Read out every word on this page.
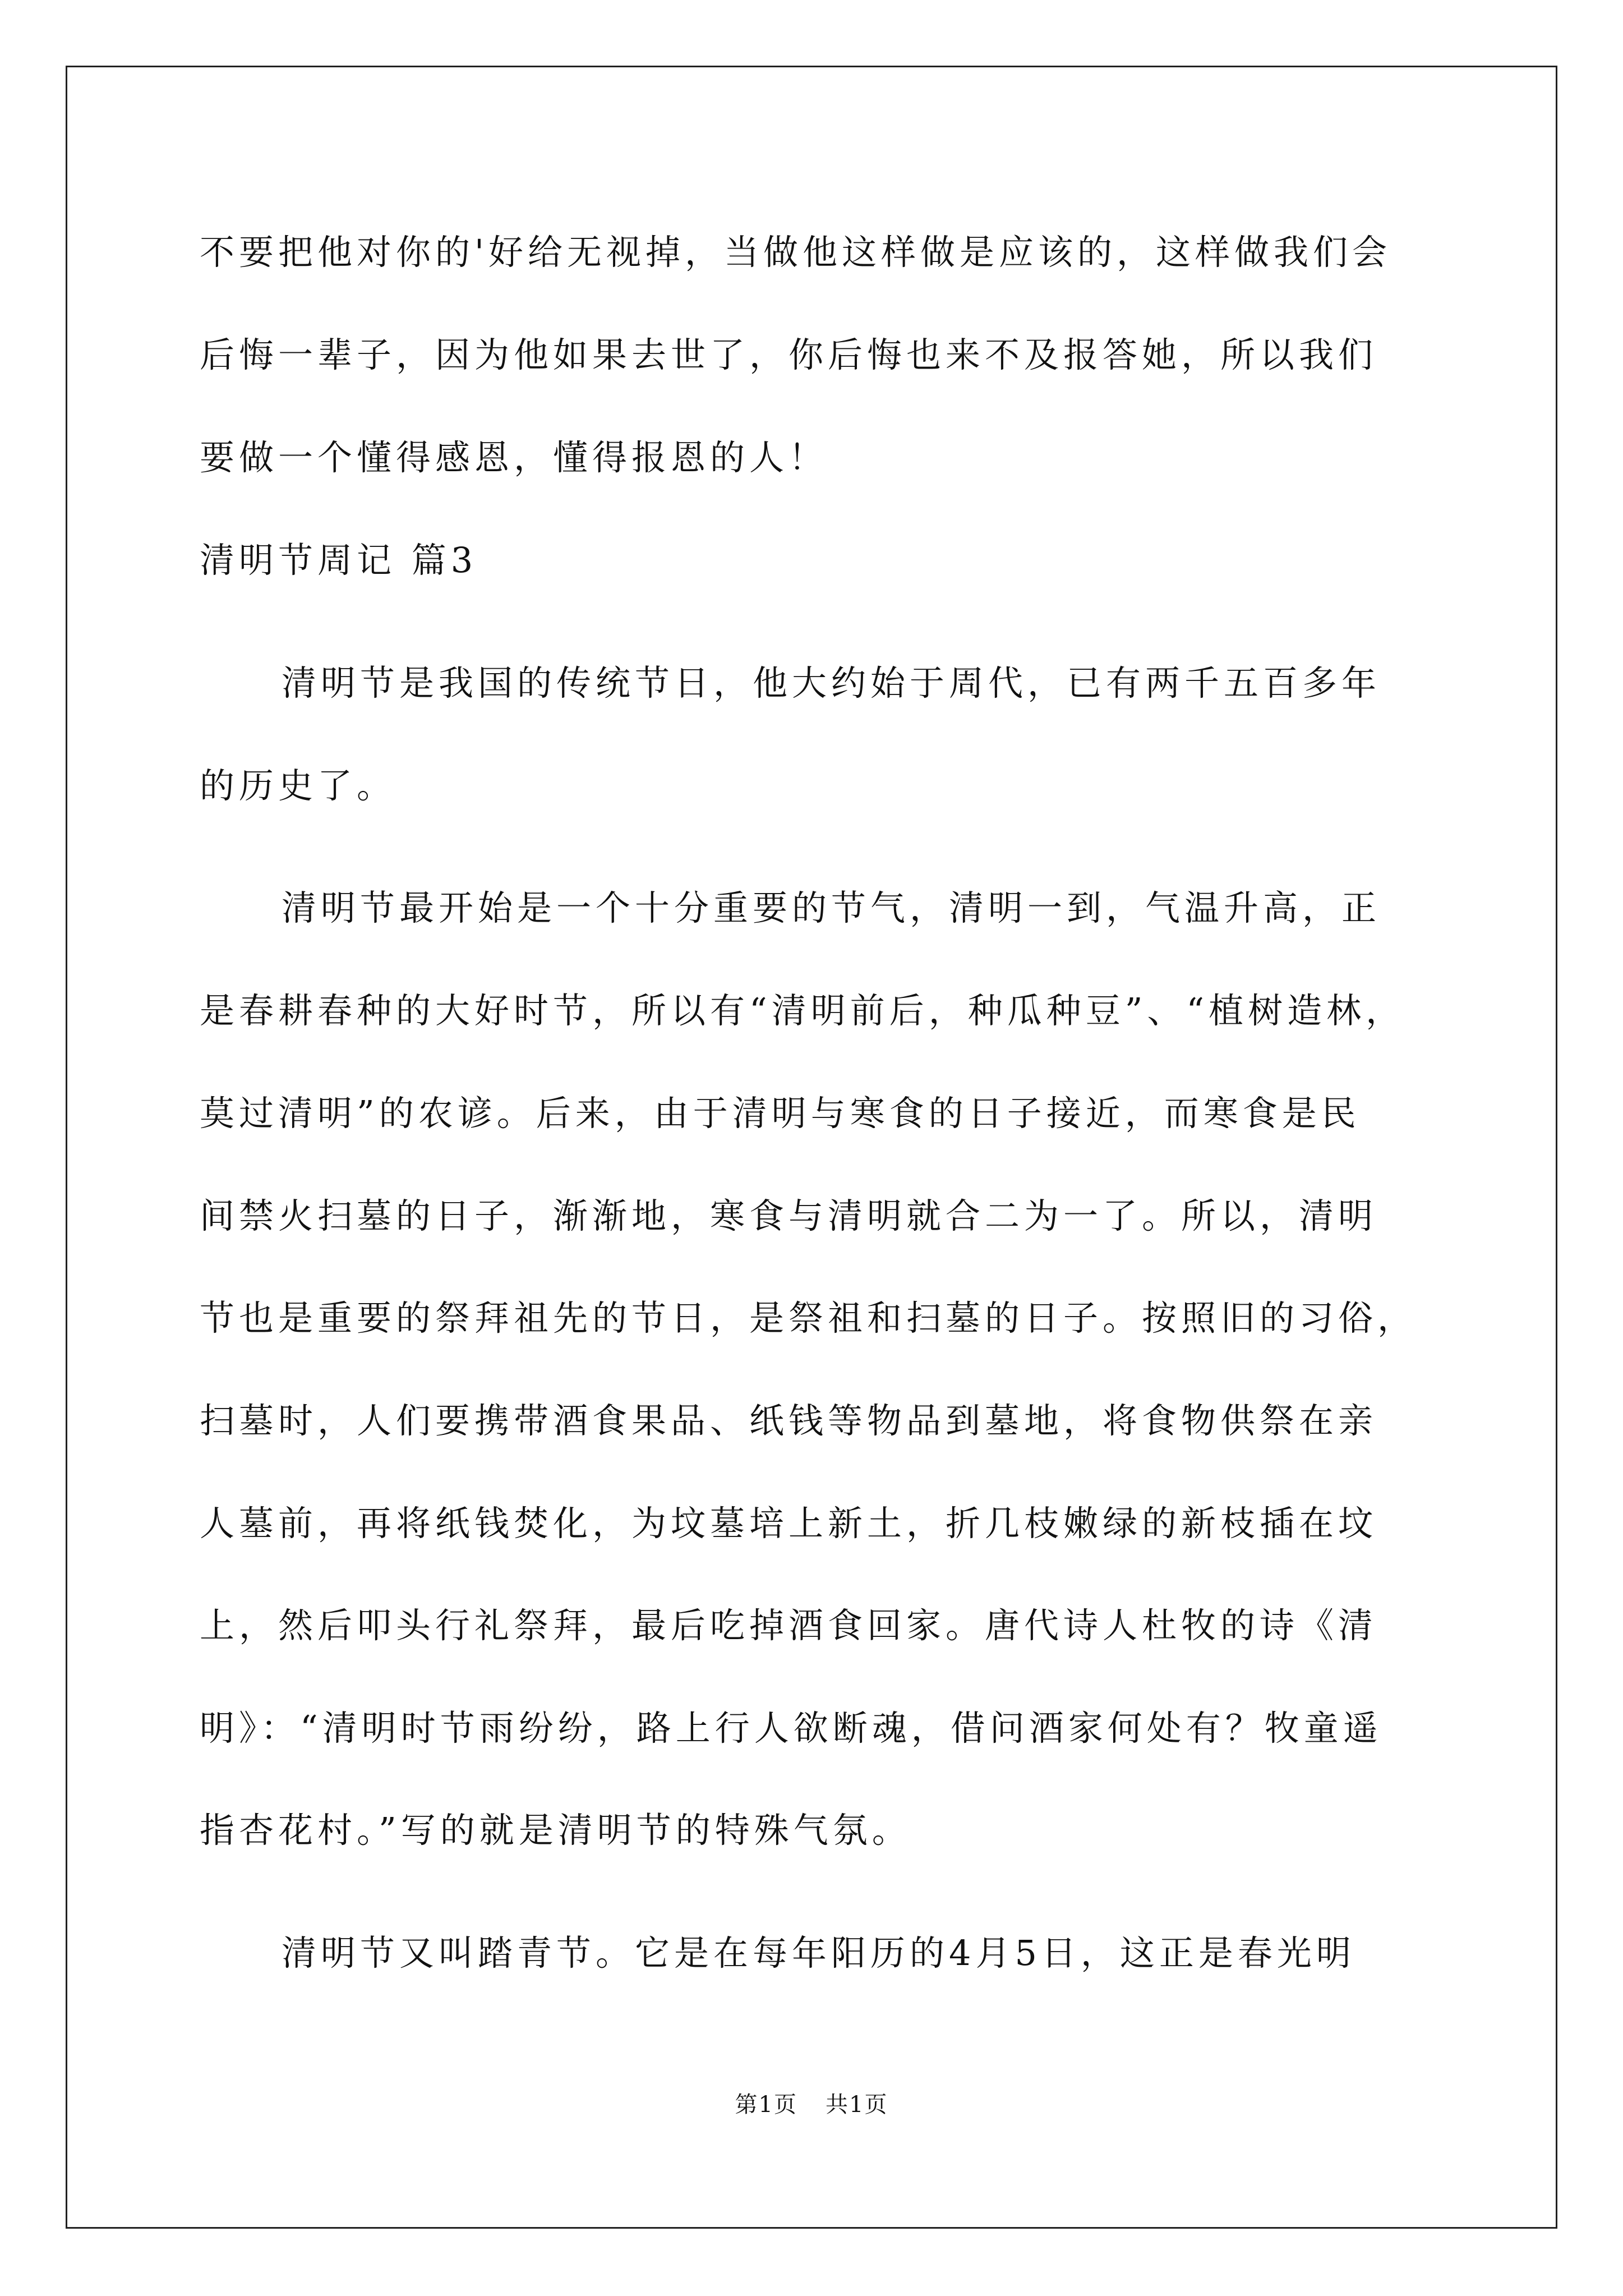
不要把他对你的'好给无视掉，当做他这样做是应该的，这样做我们会
后悔一辈子，因为他如果去世了，你后悔也来不及报答她，所以我们
要做一个懂得感恩，懂得报恩的人！
清明节周记 篇3
清明节是我国的传统节日，他大约始于周代，已有两千五百多年
的历史了。
清明节最开始是一个十分重要的节气，清明一到，气温升高，正
是春耕春种的大好时节，所以有“清明前后，种瓜种豆”、“植树造林，
莫过清明”的农谚。后来，由于清明与寒食的日子接近，而寒食是民
间禁火扫墓的日子，渐渐地，寒食与清明就合二为一了。所以，清明
节也是重要的祭拜祖先的节日，是祭祖和扫墓的日子。按照旧的习俗，
扫墓时，人们要携带酒食果品、纸钱等物品到墓地，将食物供祭在亲
人墓前，再将纸钱焚化，为坟墓培上新土，折几枝嫩绿的新枝插在坟
上，然后叩头行礼祭拜，最后吃掉酒食回家。唐代诗人杜牧的诗《清
明》：“清明时节雨纷纷，路上行人欲断魂，借问酒家何处有？牧童遥
指杏花村。”写的就是清明节的特殊气氛。
清明节又叫踏青节。它是在每年阳历的4月5日，这正是春光明
第1页 共1页
